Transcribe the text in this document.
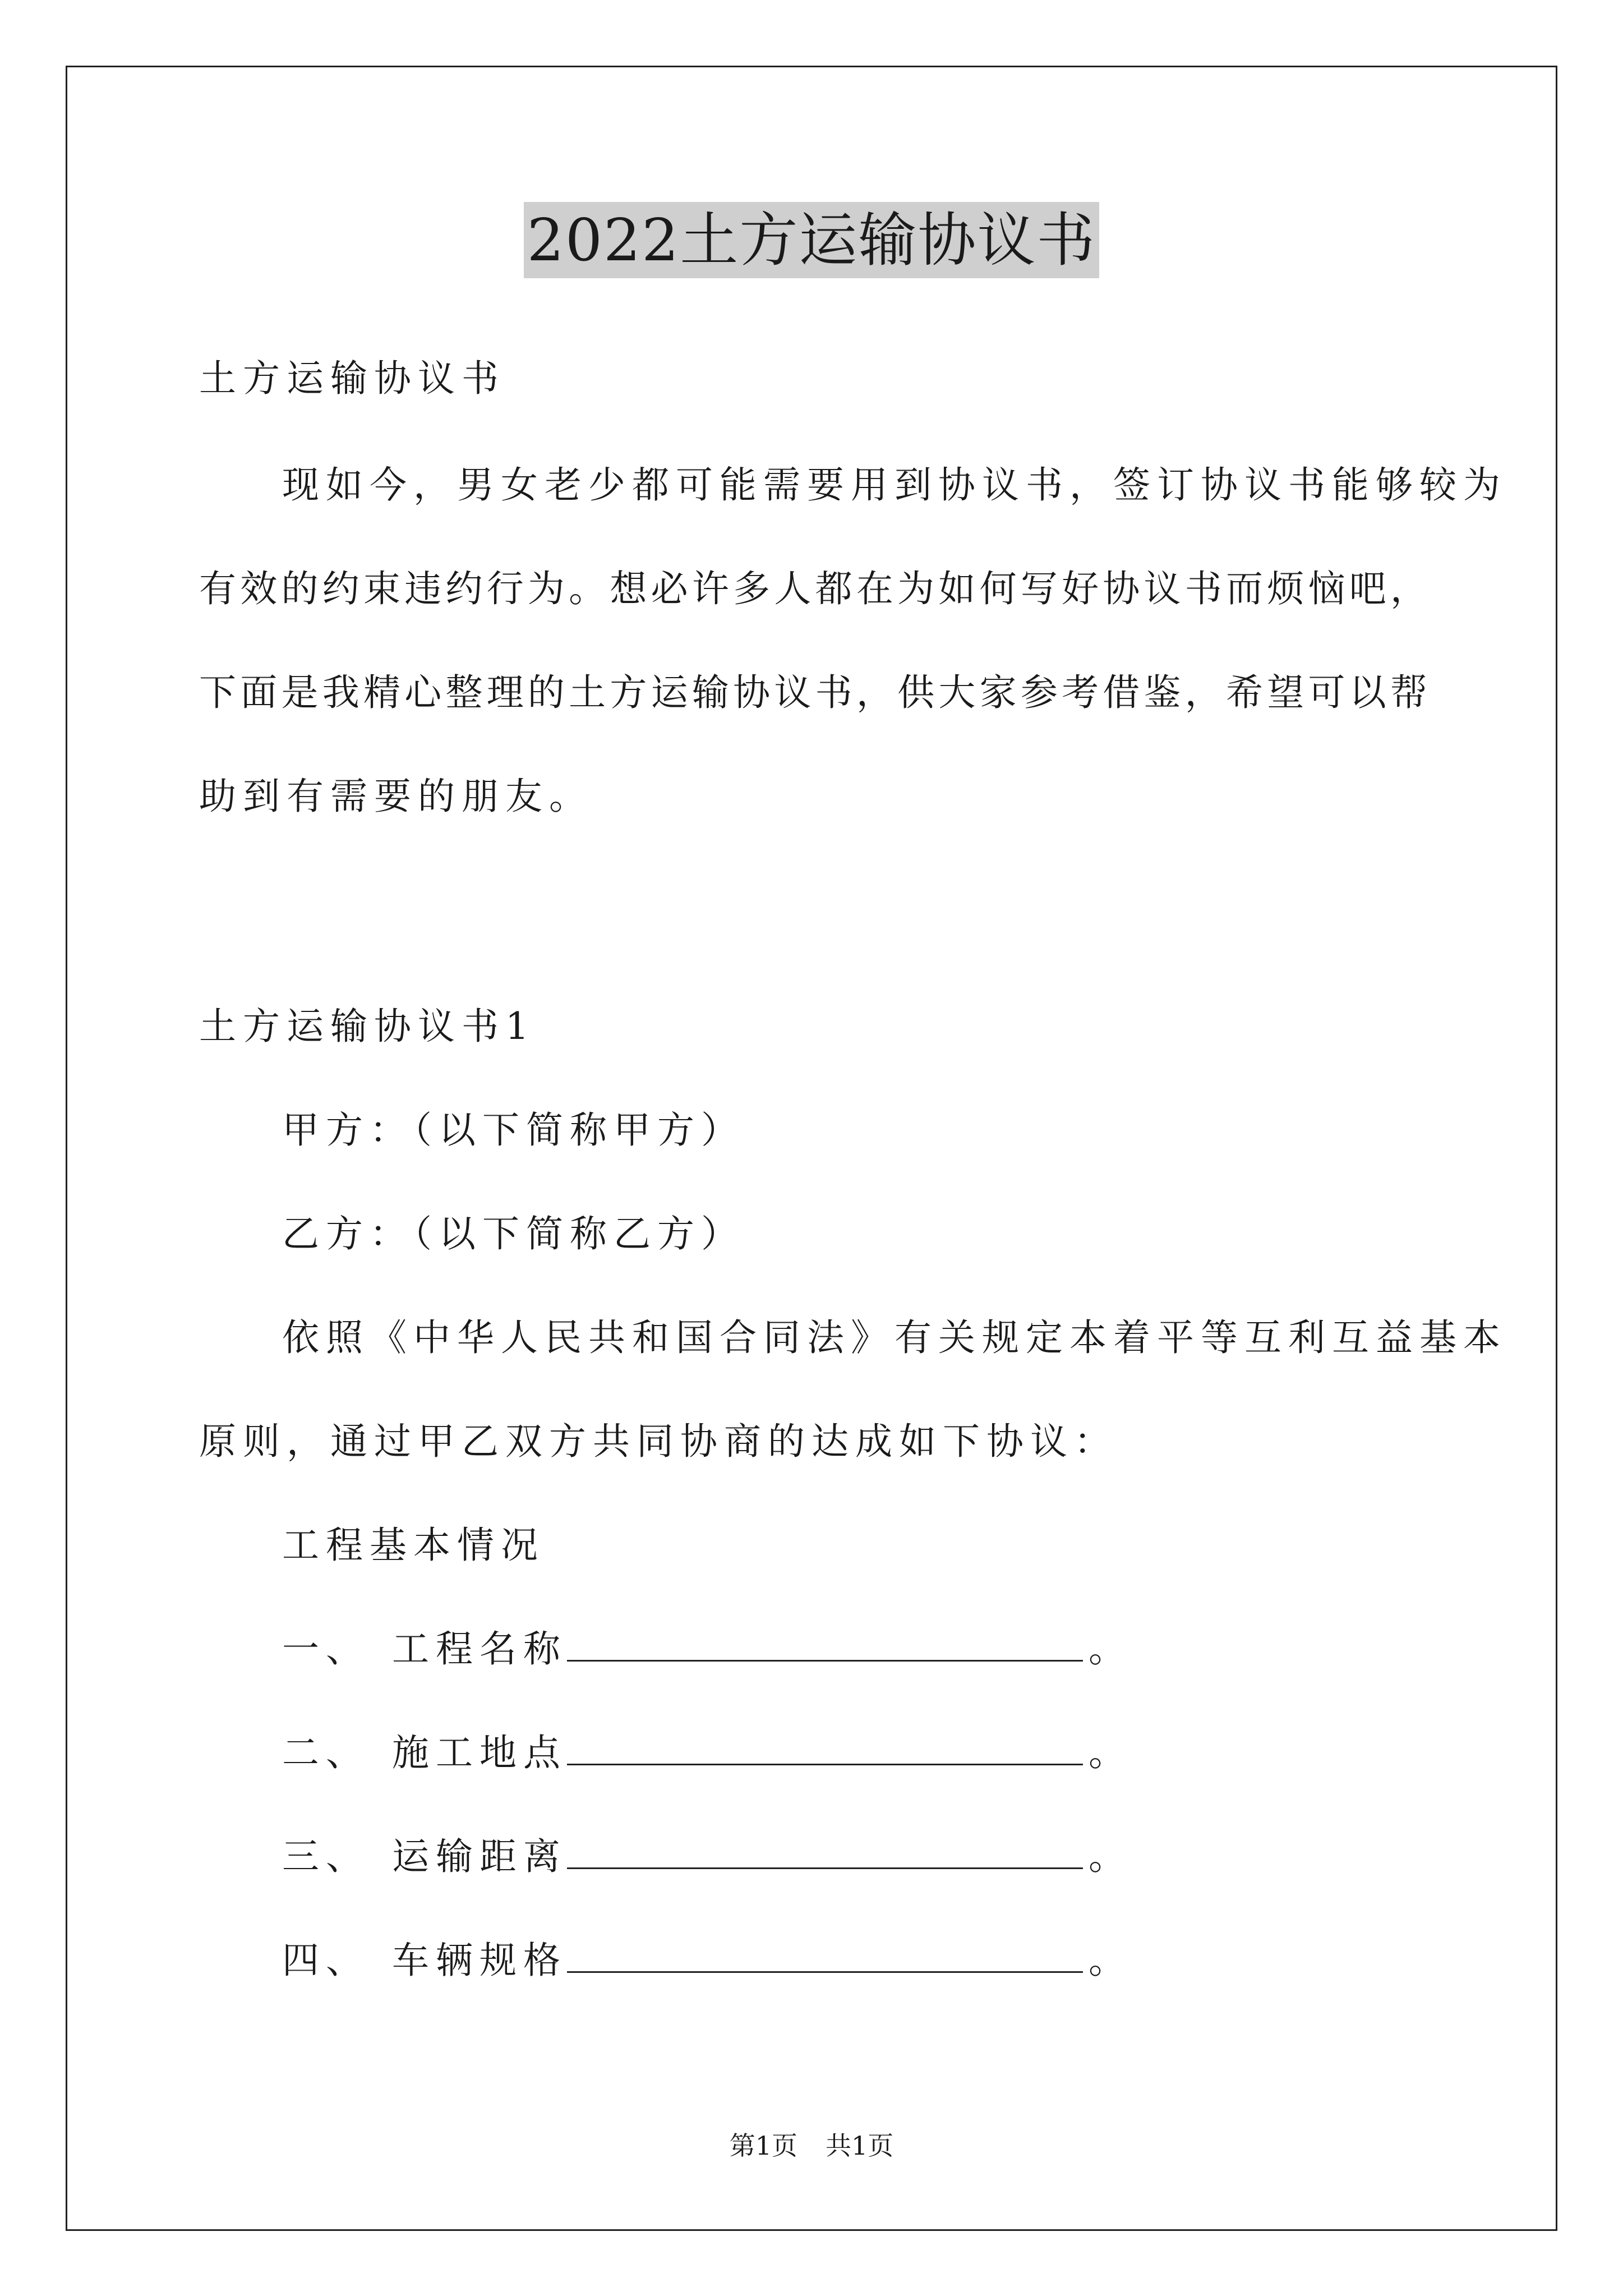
2022土方运输协议书
土方运输协议书
现如今，男女老少都可能需要用到协议书，签订协议书能够较为
有效的约束违约行为。想必许多人都在为如何写好协议书而烦恼吧，
下面是我精心整理的土方运输协议书，供大家参考借鉴，希望可以帮
助到有需要的朋友。
土方运输协议书1
甲方：（以下简称甲方）
乙方：（以下简称乙方）
依照《中华人民共和国合同法》有关规定本着平等互利互益基本
原则，通过甲乙双方共同协商的达成如下协议：
工程基本情况
一、 工程名称	。
二、 施工地点	。
三、 运输距离	。
四、 车辆规格	。
第1页 共1页
